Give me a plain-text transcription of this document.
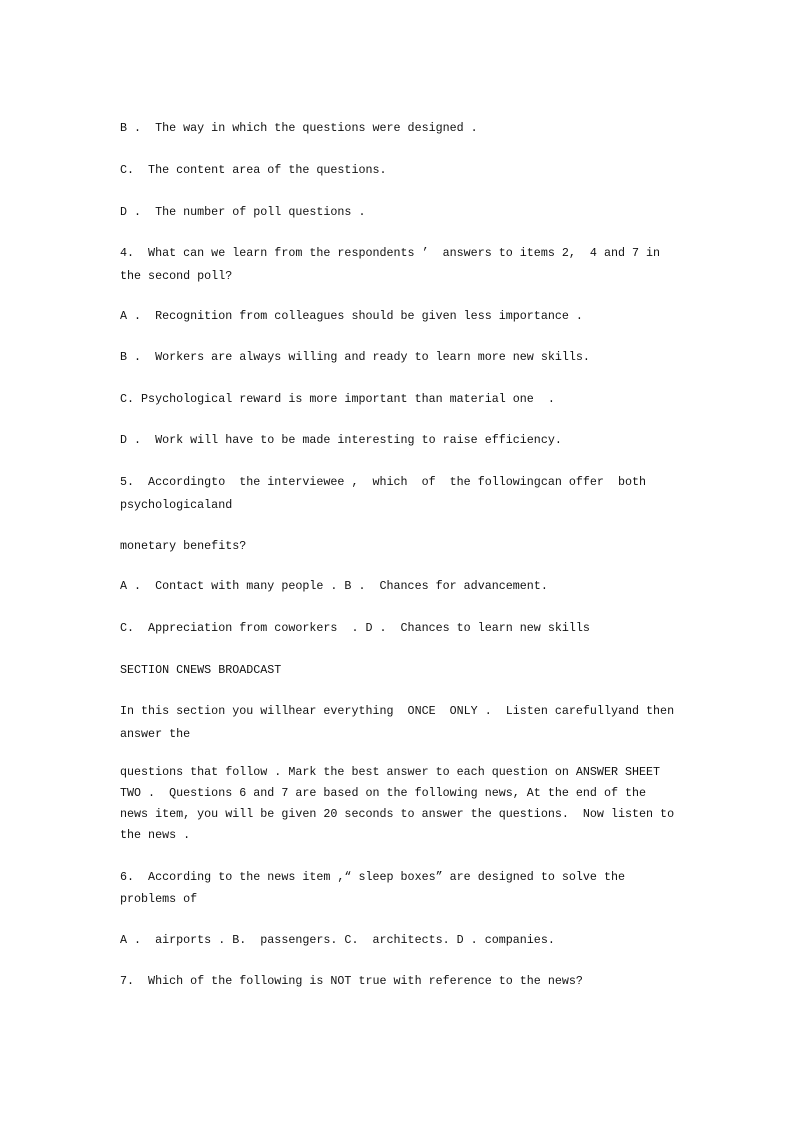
B .  The way in which the questions were designed .
C.  The content area of the questions.
D .  The number of poll questions .
4.  What can we learn from the respondents ’  answers to items 2,  4 and 7 in the second poll?
A .  Recognition from colleagues should be given less importance .
B .  Workers are always willing and ready to learn more new skills.
C. Psychological reward is more important than material one  .
D .  Work will have to be made interesting to raise efficiency.
5.  Accordingto  the interviewee ,  which  of  the followingcan offer  both
psychologicaland
monetary benefits?
A .  Contact with many people . B .  Chances for advancement.
C.  Appreciation from coworkers  . D .  Chances to learn new skills
SECTION CNEWS BROADCAST
In this section you willhear everything  ONCE  ONLY .  Listen carefullyand then
answer the
questions that follow . Mark the best answer to each question on ANSWER SHEET
TWO .  Questions 6 and 7 are based on the following news, At the end of the
news item, you will be given 20 seconds to answer the questions.  Now listen to
the news .
6.  According to the news item ,“ sleep boxes” are designed to solve the
problems of
A .  airports . B.  passengers. C.  architects. D . companies.
7.  Which of the following is NOT true with reference to the news?
